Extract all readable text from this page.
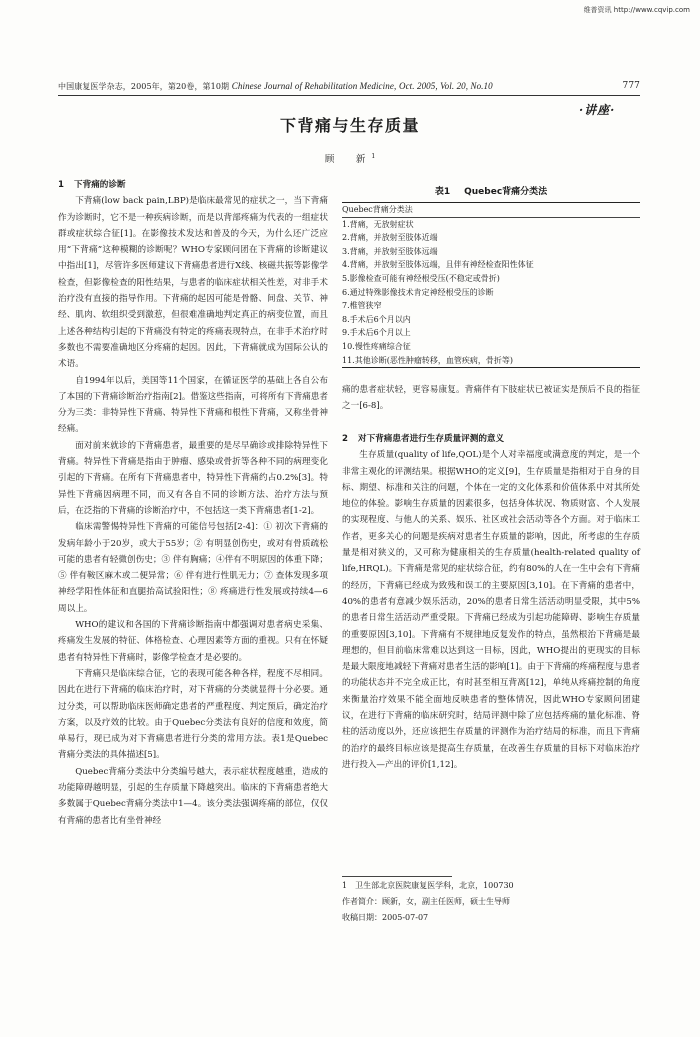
维普资讯 http://www.cqvip.com
中国康复医学杂志，2005年，第20卷，第10期 Chinese Journal of Rehabilitation Medicine, Oct. 2005, Vol. 20, No.10	777
·讲座·
下背痛与生存质量
顾　新$^1$
1 下背痛的诊断

下背痛(low back pain,LBP)是临床最常见的症状之一，当下背痛作为诊断时，它不是一种疾病诊断，而是以背部疼痛为代表的一组症状群或症状综合征[1]。在影像技术发达和普及的今天，为什么还广泛应用“下背痛”这种模糊的诊断呢？WHO专家顾问团在下背痛的诊断建议中指出[1]，尽管许多医师建议下背痛患者进行X线、核磁共振等影像学检查，但影像检查的阳性结果，与患者的临床症状相关性差，对非手术治疗没有直接的指导作用。下背痛的起因可能是骨骼、间盘、关节、神经、肌肉、软组织受到激惹，但很难准确地判定真正的病变位置，而且上述各种结构引起的下背痛没有特定的疼痛表现特点，在非手术治疗时多数也不需要准确地区分疼痛的起因。因此，下背痛就成为国际公认的术语。

自1994年以后，美国等11个国家，在循证医学的基础上各自公布了本国的下背痛诊断治疗指南[2]。借鉴这些指南，可将所有下背痛患者分为三类：非特异性下背痛、特异性下背痛和根性下背痛，又称坐骨神经痛。

面对前来就诊的下背痛患者，最重要的是尽早确诊或排除特异性下背痛。特异性下背痛是指由于肿瘤、感染或骨折等各种不同的病理变化引起的下背痛。在所有下背痛患者中，特异性下背痛约占0.2%[3]。特异性下背痛因病理不同，而又有各自不同的诊断方法、治疗方法与预后，在泛指的下背痛的诊断治疗中，不包括这一类下背痛患者[1-2]。

临床需警惕特异性下背痛的可能信号包括[2-4]：① 初次下背痛的发病年龄小于20岁，或大于55岁；② 有明显创伤史，或对有骨质疏松可能的患者有轻微创伤史；③ 伴有胸痛；④伴有不明原因的体重下降；⑤ 伴有鞍区麻木或二便异常；⑥ 伴有进行性肌无力；⑦ 查体发现多项神经学阳性体征和直腿抬高试验阳性；⑧ 疼痛进行性发展或持续4—6周以上。

WHO的建议和各国的下背痛诊断指南中都强调对患者病史采集、疼痛发生发展的特征、体格检查、心理因素等方面的重视。只有在怀疑患者有特异性下背痛时，影像学检查才是必要的。

下背痛只是临床综合征，它的表现可能各种各样，程度不尽相同。因此在进行下背痛的临床治疗时，对下背痛的分类就显得十分必要。通过分类，可以帮助临床医师确定患者的严重程度、判定预后，确定治疗方案，以及疗效的比较。由于Quebec分类法有良好的信度和效度，简单易行，现已成为对下背痛患者进行分类的常用方法。表1是Quebec背痛分类法的具体描述[5]。

Quebec背痛分类法中分类编号越大，表示症状程度越重，造成的功能障碍越明显，引起的生存质量下降越突出。临床的下背痛患者绝大多数属于Quebec背痛分类法中1—4。该分类法强调疼痛的部位，仅仅有背痛的患者比有坐骨神经

表1 Quebec背痛分类法
Quebec背痛分类法
1.背痛，无放射症状
2.背痛，并放射至肢体近端
3.背痛，并放射至肢体远端
4.背痛，并放射至肢体远端，且伴有神经检查阳性体征
5.影像检查可能有神经根受压(不稳定或骨折)
6.通过特殊影像技术肯定神经根受压的诊断
7.椎管狭窄
8.手术后6个月以内
9.手术后6个月以上
10.慢性疼痛综合征
11.其他诊断(恶性肿瘤转移，血管疾病，骨折等)

痛的患者症状轻，更容易康复。背痛伴有下肢症状已被证实是预后不良的指征之一[6-8]。

2 对下背痛患者进行生存质量评测的意义

生存质量(quality of life,QOL)是个人对幸福度或满意度的判定，是一个非常主观化的评测结果。根据WHO的定义[9]，生存质量是指相对于自身的目标、期望、标准和关注的问题，个体在一定的文化体系和价值体系中对其所处地位的体验。影响生存质量的因素很多，包括身体状况、物质财富、个人发展的实现程度、与他人的关系、娱乐、社区或社会活动等各个方面。对于临床工作者，更多关心的问题是疾病对患者生存质量的影响，因此，所考虑的生存质量是相对狭义的，又可称为健康相关的生存质量(health-related quality of life,HRQL)。下背痛是常见的症状综合征，约有80%的人在一生中会有下背痛的经历，下背痛已经成为致残和误工的主要原因[3,10]。在下背痛的患者中，40%的患者有意减少娱乐活动，20%的患者日常生活活动明显受限，其中5%的患者日常生活活动严重受限。下背痛已经成为引起功能障碍、影响生存质量的重要原因[3,10]。下背痛有不规律地反复发作的特点，虽然根治下背痛是最理想的，但目前临床常难以达到这一目标，因此，WHO提出的更现实的目标是最大限度地减轻下背痛对患者生活的影响[1]。由于下背痛的疼痛程度与患者的功能状态并不完全成正比，有时甚至相互背离[12]，单纯从疼痛控制的角度来衡量治疗效果不能全面地反映患者的整体情况，因此WHO专家顾问团建议，在进行下背痛的临床研究时，结局评测中除了应包括疼痛的量化标准、脊柱的活动度以外，还应该把生存质量的评测作为治疗结局的标准，而且下背痛的治疗的最终目标应该是提高生存质量，在改善生存质量的目标下对临床治疗进行投入—产出的评价[1,12]。

1　卫生部北京医院康复医学科，北京，100730

作者简介：顾新，女，副主任医师，硕士生导师

收稿日期：2005-07-07
